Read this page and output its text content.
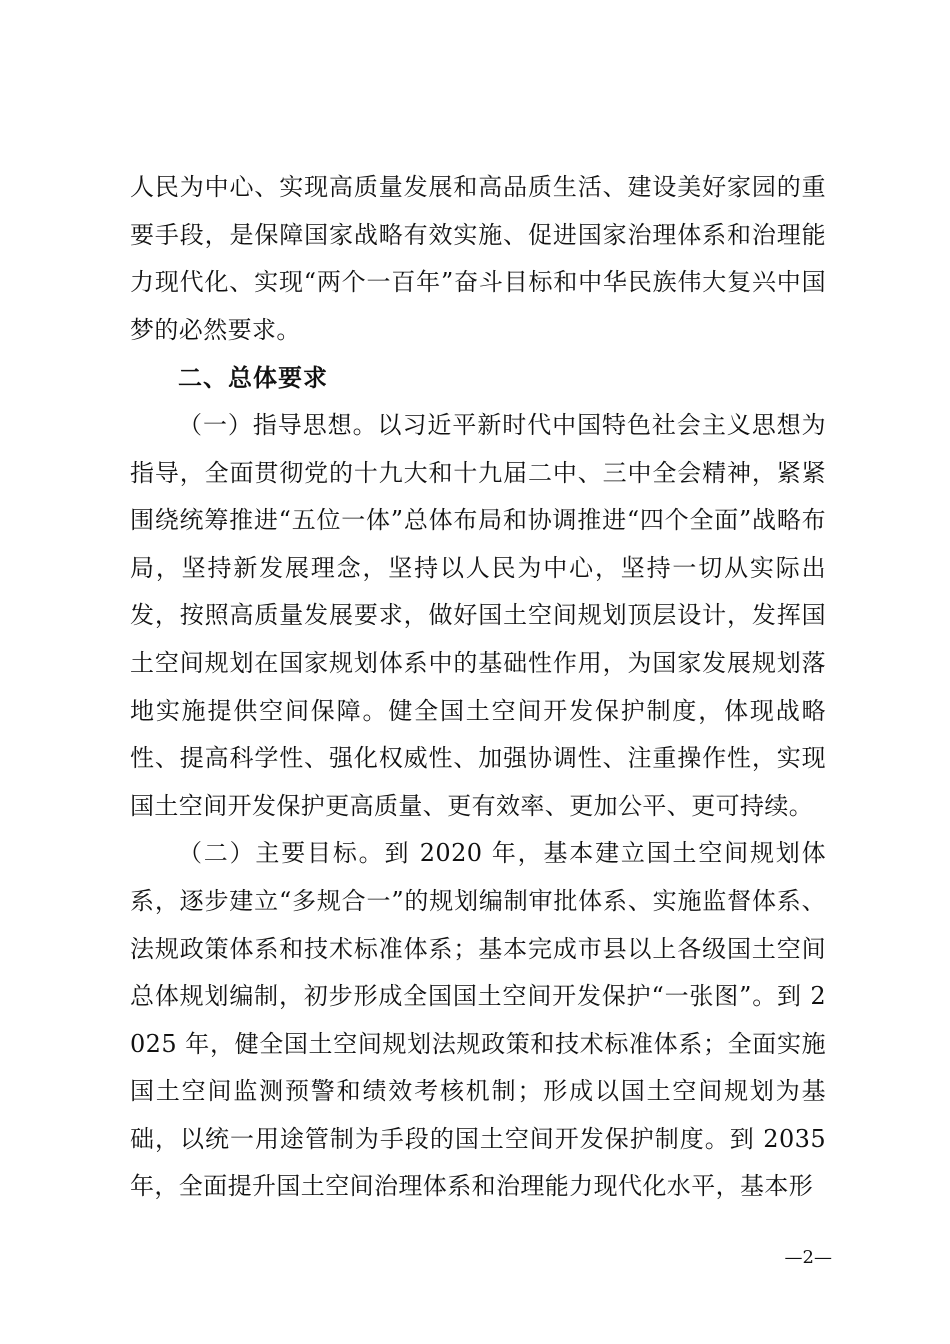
人民为中心、实现高质量发展和高品质生活、建设美好家园的重要手段，是保障国家战略有效实施、促进国家治理体系和治理能力现代化、实现“两个一百年”奋斗目标和中华民族伟大复兴中国梦的必然要求。

二、总体要求

（一）指导思想。以习近平新时代中国特色社会主义思想为指导，全面贯彻党的十九大和十九届二中、三中全会精神，紧紧围绕统筹推进“五位一体”总体布局和协调推进“四个全面”战略布局，坚持新发展理念，坚持以人民为中心，坚持一切从实际出发，按照高质量发展要求，做好国土空间规划顶层设计，发挥国土空间规划在国家规划体系中的基础性作用，为国家发展规划落地实施提供空间保障。健全国土空间开发保护制度，体现战略性、提高科学性、强化权威性、加强协调性、注重操作性，实现国土空间开发保护更高质量、更有效率、更加公平、更可持续。

（二）主要目标。到 2020 年，基本建立国土空间规划体系，逐步建立“多规合一”的规划编制审批体系、实施监督体系、法规政策体系和技术标准体系；基本完成市县以上各级国土空间总体规划编制，初步形成全国国土空间开发保护“一张图”。到 2025 年，健全国土空间规划法规政策和技术标准体系；全面实施国土空间监测预警和绩效考核机制；形成以国土空间规划为基础，以统一用途管制为手段的国土空间开发保护制度。到 2035 年，全面提升国土空间治理体系和治理能力现代化水平，基本形

—2—
